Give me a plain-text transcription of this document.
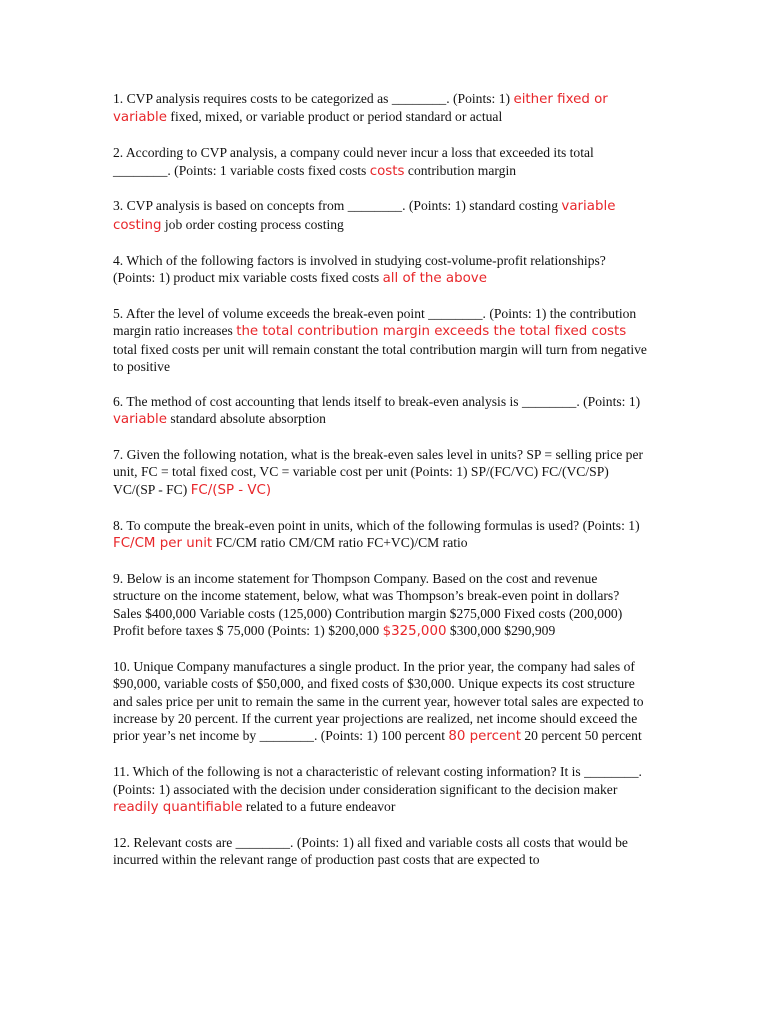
1. CVP analysis requires costs to be categorized as ________. (Points: 1) either fixed or variable fixed, mixed, or variable product or period standard or actual

2. According to CVP analysis, a company could never incur a loss that exceeded its total ________. (Points: 1 variable costs fixed costs costs contribution margin

3. CVP analysis is based on concepts from ________. (Points: 1) standard costing variable costing job order costing process costing

4. Which of the following factors is involved in studying cost-volume-profit relationships? (Points: 1) product mix variable costs fixed costs all of the above

5. After the level of volume exceeds the break-even point ________. (Points: 1) the contribution margin ratio increases the total contribution margin exceeds the total fixed costs total fixed costs per unit will remain constant the total contribution margin will turn from negative to positive

6. The method of cost accounting that lends itself to break-even analysis is ________. (Points: 1) variable standard absolute absorption

7. Given the following notation, what is the break-even sales level in units? SP = selling price per unit, FC = total fixed cost, VC = variable cost per unit (Points: 1) SP/(FC/VC) FC/(VC/SP) VC/(SP - FC) FC/(SP - VC)

8. To compute the break-even point in units, which of the following formulas is used? (Points: 1) FC/CM per unit FC/CM ratio CM/CM ratio FC+VC)/CM ratio

9. Below is an income statement for Thompson Company. Based on the cost and revenue structure on the income statement, below, what was Thompson’s break-even point in dollars? Sales $400,000 Variable costs (125,000) Contribution margin $275,000 Fixed costs (200,000) Profit before taxes $ 75,000 (Points: 1) $200,000 $325,000 $300,000 $290,909

10. Unique Company manufactures a single product. In the prior year, the company had sales of $90,000, variable costs of $50,000, and fixed costs of $30,000. Unique expects its cost structure and sales price per unit to remain the same in the current year, however total sales are expected to increase by 20 percent. If the current year projections are realized, net income should exceed the prior year’s net income by ________. (Points: 1) 100 percent 80 percent 20 percent 50 percent

11. Which of the following is not a characteristic of relevant costing information? It is ________. (Points: 1) associated with the decision under consideration significant to the decision maker readily quantifiable related to a future endeavor

12. Relevant costs are ________. (Points: 1) all fixed and variable costs all costs that would be incurred within the relevant range of production past costs that are expected to
